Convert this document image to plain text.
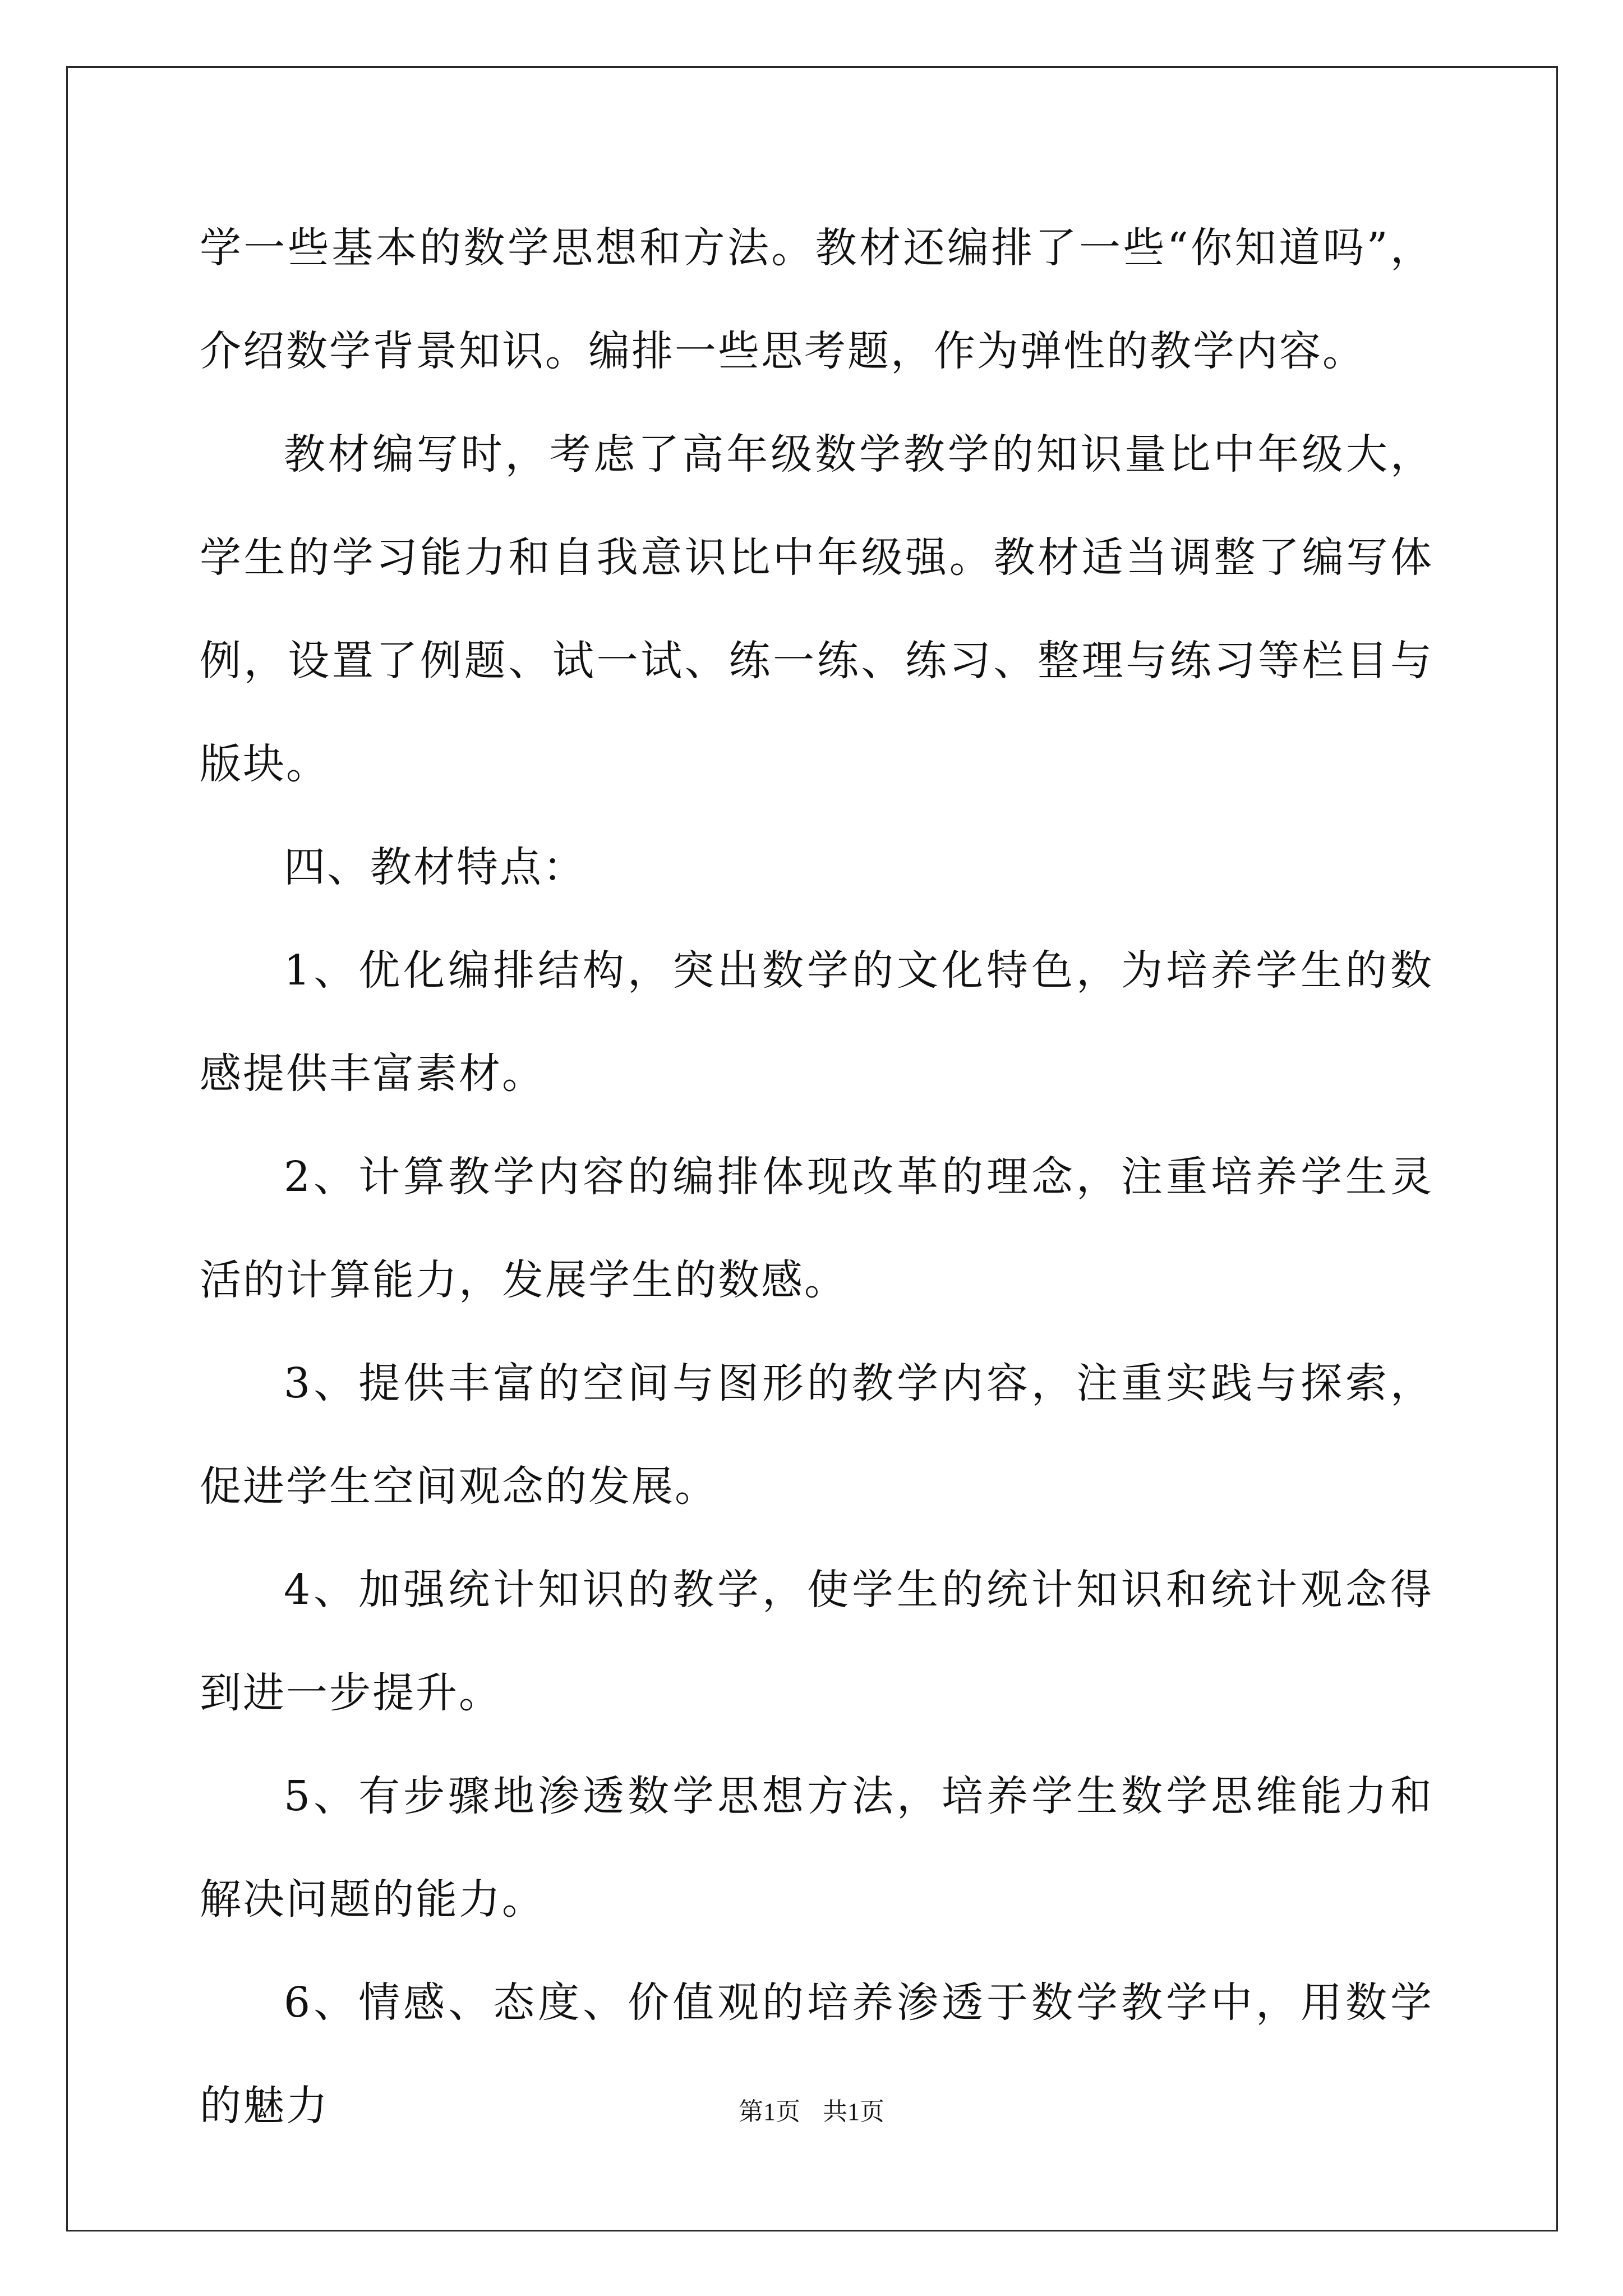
学一些基本的数学思想和方法。教材还编排了一些“你知道吗”，介绍数学背景知识。编排一些思考题，作为弹性的教学内容。

教材编写时，考虑了高年级数学教学的知识量比中年级大，学生的学习能力和自我意识比中年级强。教材适当调整了编写体例，设置了例题、试一试、练一练、练习、整理与练习等栏目与版块。

四、教材特点：

1、优化编排结构，突出数学的文化特色，为培养学生的数感提供丰富素材。

2、计算教学内容的编排体现改革的理念，注重培养学生灵活的计算能力，发展学生的数感。

3、提供丰富的空间与图形的教学内容，注重实践与探索，促进学生空间观念的发展。

4、加强统计知识的教学，使学生的统计知识和统计观念得到进一步提升。

5、有步骤地渗透数学思想方法，培养学生数学思维能力和解决问题的能力。

6、情感、态度、价值观的培养渗透于数学教学中，用数学的魅力	第1页 共1页
